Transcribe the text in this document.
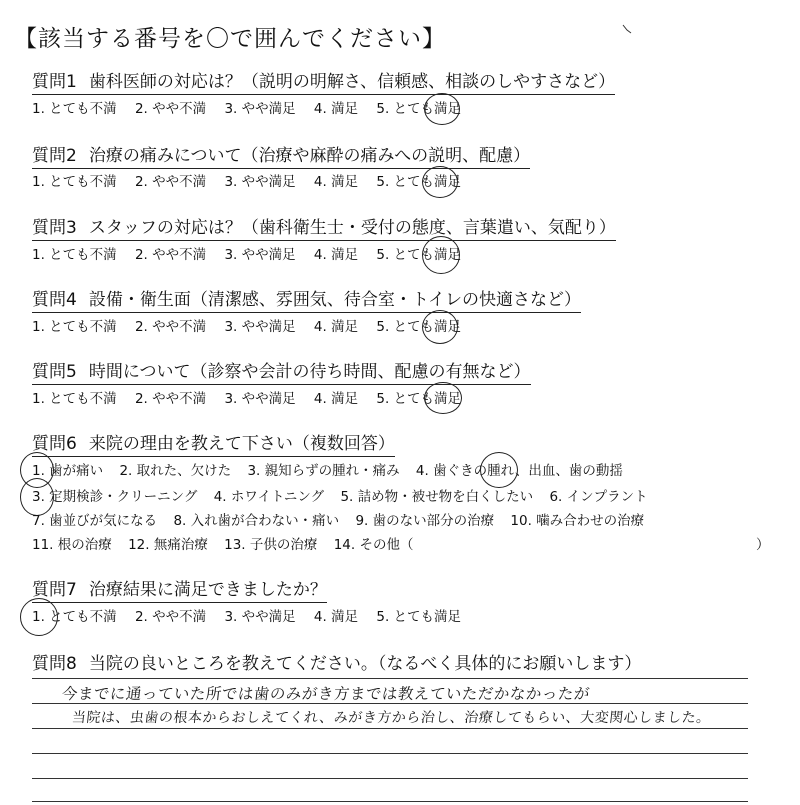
【該当する番号を〇で囲んでください】
質問1 歯科医師の対応は？（説明の明解さ、信頼感、相談のしやすさなど）
1. とても不満 2. やや不満 3. やや満足 4. 満足 5. とても満足
質問2 治療の痛みについて（治療や麻酔の痛みへの説明、配慮）
1. とても不満 2. やや不満 3. やや満足 4. 満足 5. とても満足
質問3 スタッフの対応は？（歯科衛生士・受付の態度、言葉遣い、気配り）
1. とても不満 2. やや不満 3. やや満足 4. 満足 5. とても満足
質問4 設備・衛生面（清潔感、雰囲気、待合室・トイレの快適さなど）
1. とても不満 2. やや不満 3. やや満足 4. 満足 5. とても満足
質問5 時間について（診察や会計の待ち時間、配慮の有無など）
1. とても不満 2. やや不満 3. やや満足 4. 満足 5. とても満足
質問6 来院の理由を教えて下さい（複数回答）
1. 歯が痛い 2. 取れた、欠けた 3. 親知らずの腫れ・痛み 4. 歯ぐきの腫れ、出血、歯の動揺
3. 定期検診・クリーニング 4. ホワイトニング 5. 詰め物・被せ物を白くしたい 6. インプラント
7. 歯並びが気になる 8. 入れ歯が合わない・痛い 9. 歯のない部分の治療 10. 噛み合わせの治療
11. 根の治療 12. 無痛治療 13. 子供の治療 14. その他（	）
質問7 治療結果に満足できましたか？
1. とても不満 2. やや不満 3. やや満足 4. 満足 5. とても満足
質問8 当院の良いところを教えてください。（なるべく具体的にお願いします）
今までに通っていた所では歯のみがき方までは教えていただかなかったが
当院は、虫歯の根本からおしえてくれ、みがき方から治し、治療してもらい、大変関心しました。
